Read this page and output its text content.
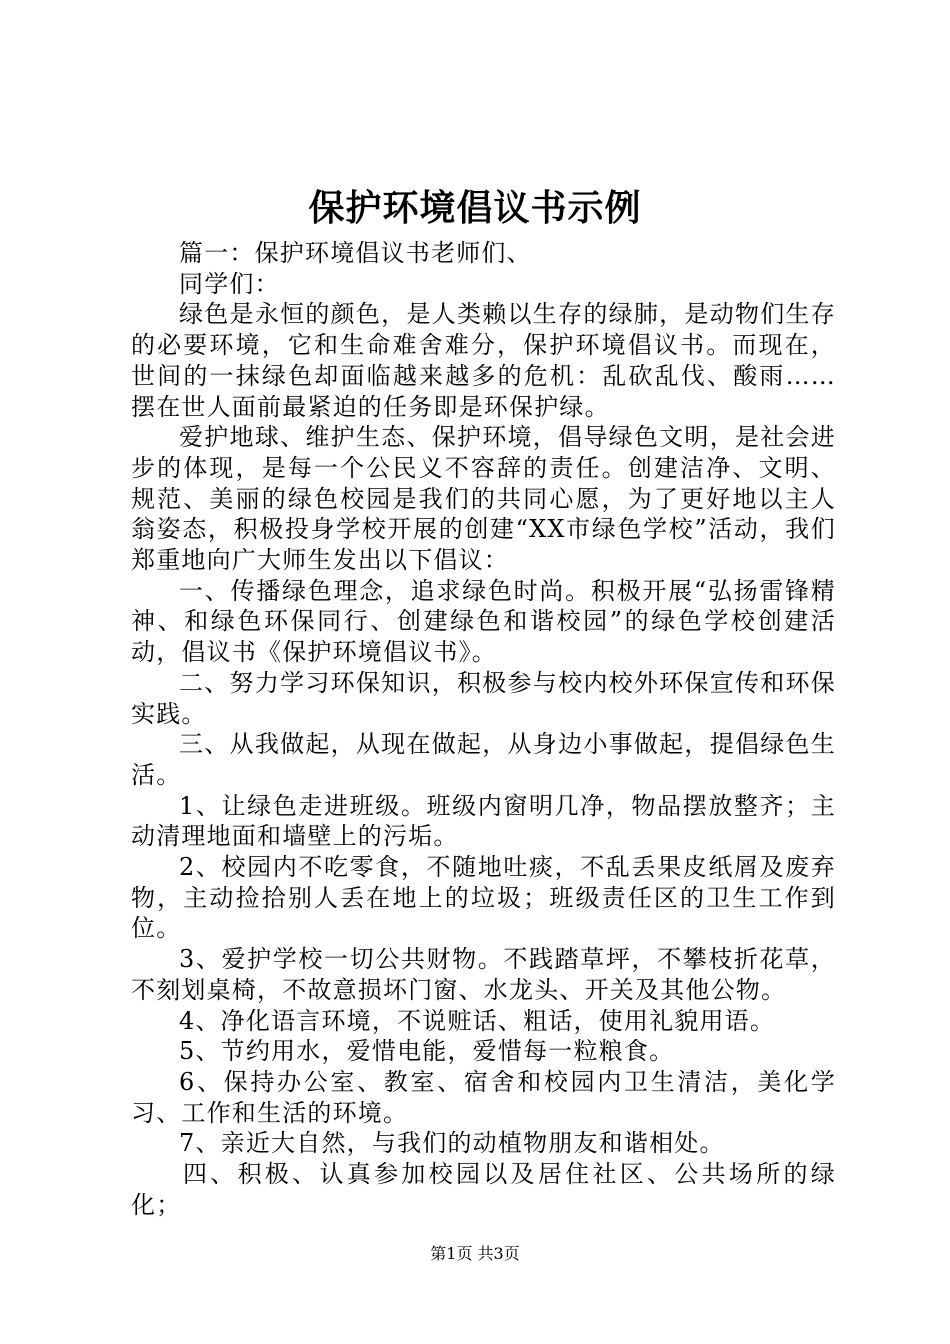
保护环境倡议书示例

篇一：保护环境倡议书老师们、

同学们：

绿色是永恒的颜色，是人类赖以生存的绿肺，是动物们生存的必要环境，它和生命难舍难分，保护环境倡议书。而现在，世间的一抹绿色却面临越来越多的危机：乱砍乱伐、酸雨……摆在世人面前最紧迫的任务即是环保护绿。

爱护地球、维护生态、保护环境，倡导绿色文明，是社会进步的体现，是每一个公民义不容辞的责任。创建洁净、文明、规范、美丽的绿色校园是我们的共同心愿，为了更好地以主人翁姿态，积极投身学校开展的创建“XX市绿色学校”活动，我们郑重地向广大师生发出以下倡议：

一、传播绿色理念，追求绿色时尚。积极开展“弘扬雷锋精神、和绿色环保同行、创建绿色和谐校园”的绿色学校创建活动，倡议书《保护环境倡议书》。

二、努力学习环保知识，积极参与校内校外环保宣传和环保实践。

三、从我做起，从现在做起，从身边小事做起，提倡绿色生活。

1、让绿色走进班级。班级内窗明几净，物品摆放整齐；主动清理地面和墙壁上的污垢。

2、校园内不吃零食，不随地吐痰，不乱丢果皮纸屑及废弃物，主动捡拾别人丢在地上的垃圾；班级责任区的卫生工作到位。

3、爱护学校一切公共财物。不践踏草坪，不攀枝折花草，不刻划桌椅，不故意损坏门窗、水龙头、开关及其他公物。

4、净化语言环境，不说赃话、粗话，使用礼貌用语。

5、节约用水，爱惜电能，爱惜每一粒粮食。

6、保持办公室、教室、宿舍和校园内卫生清洁，美化学习、工作和生活的环境。

7、亲近大自然，与我们的动植物朋友和谐相处。

四、积极、认真参加校园以及居住社区、公共场所的绿化；

第1页 共3页
